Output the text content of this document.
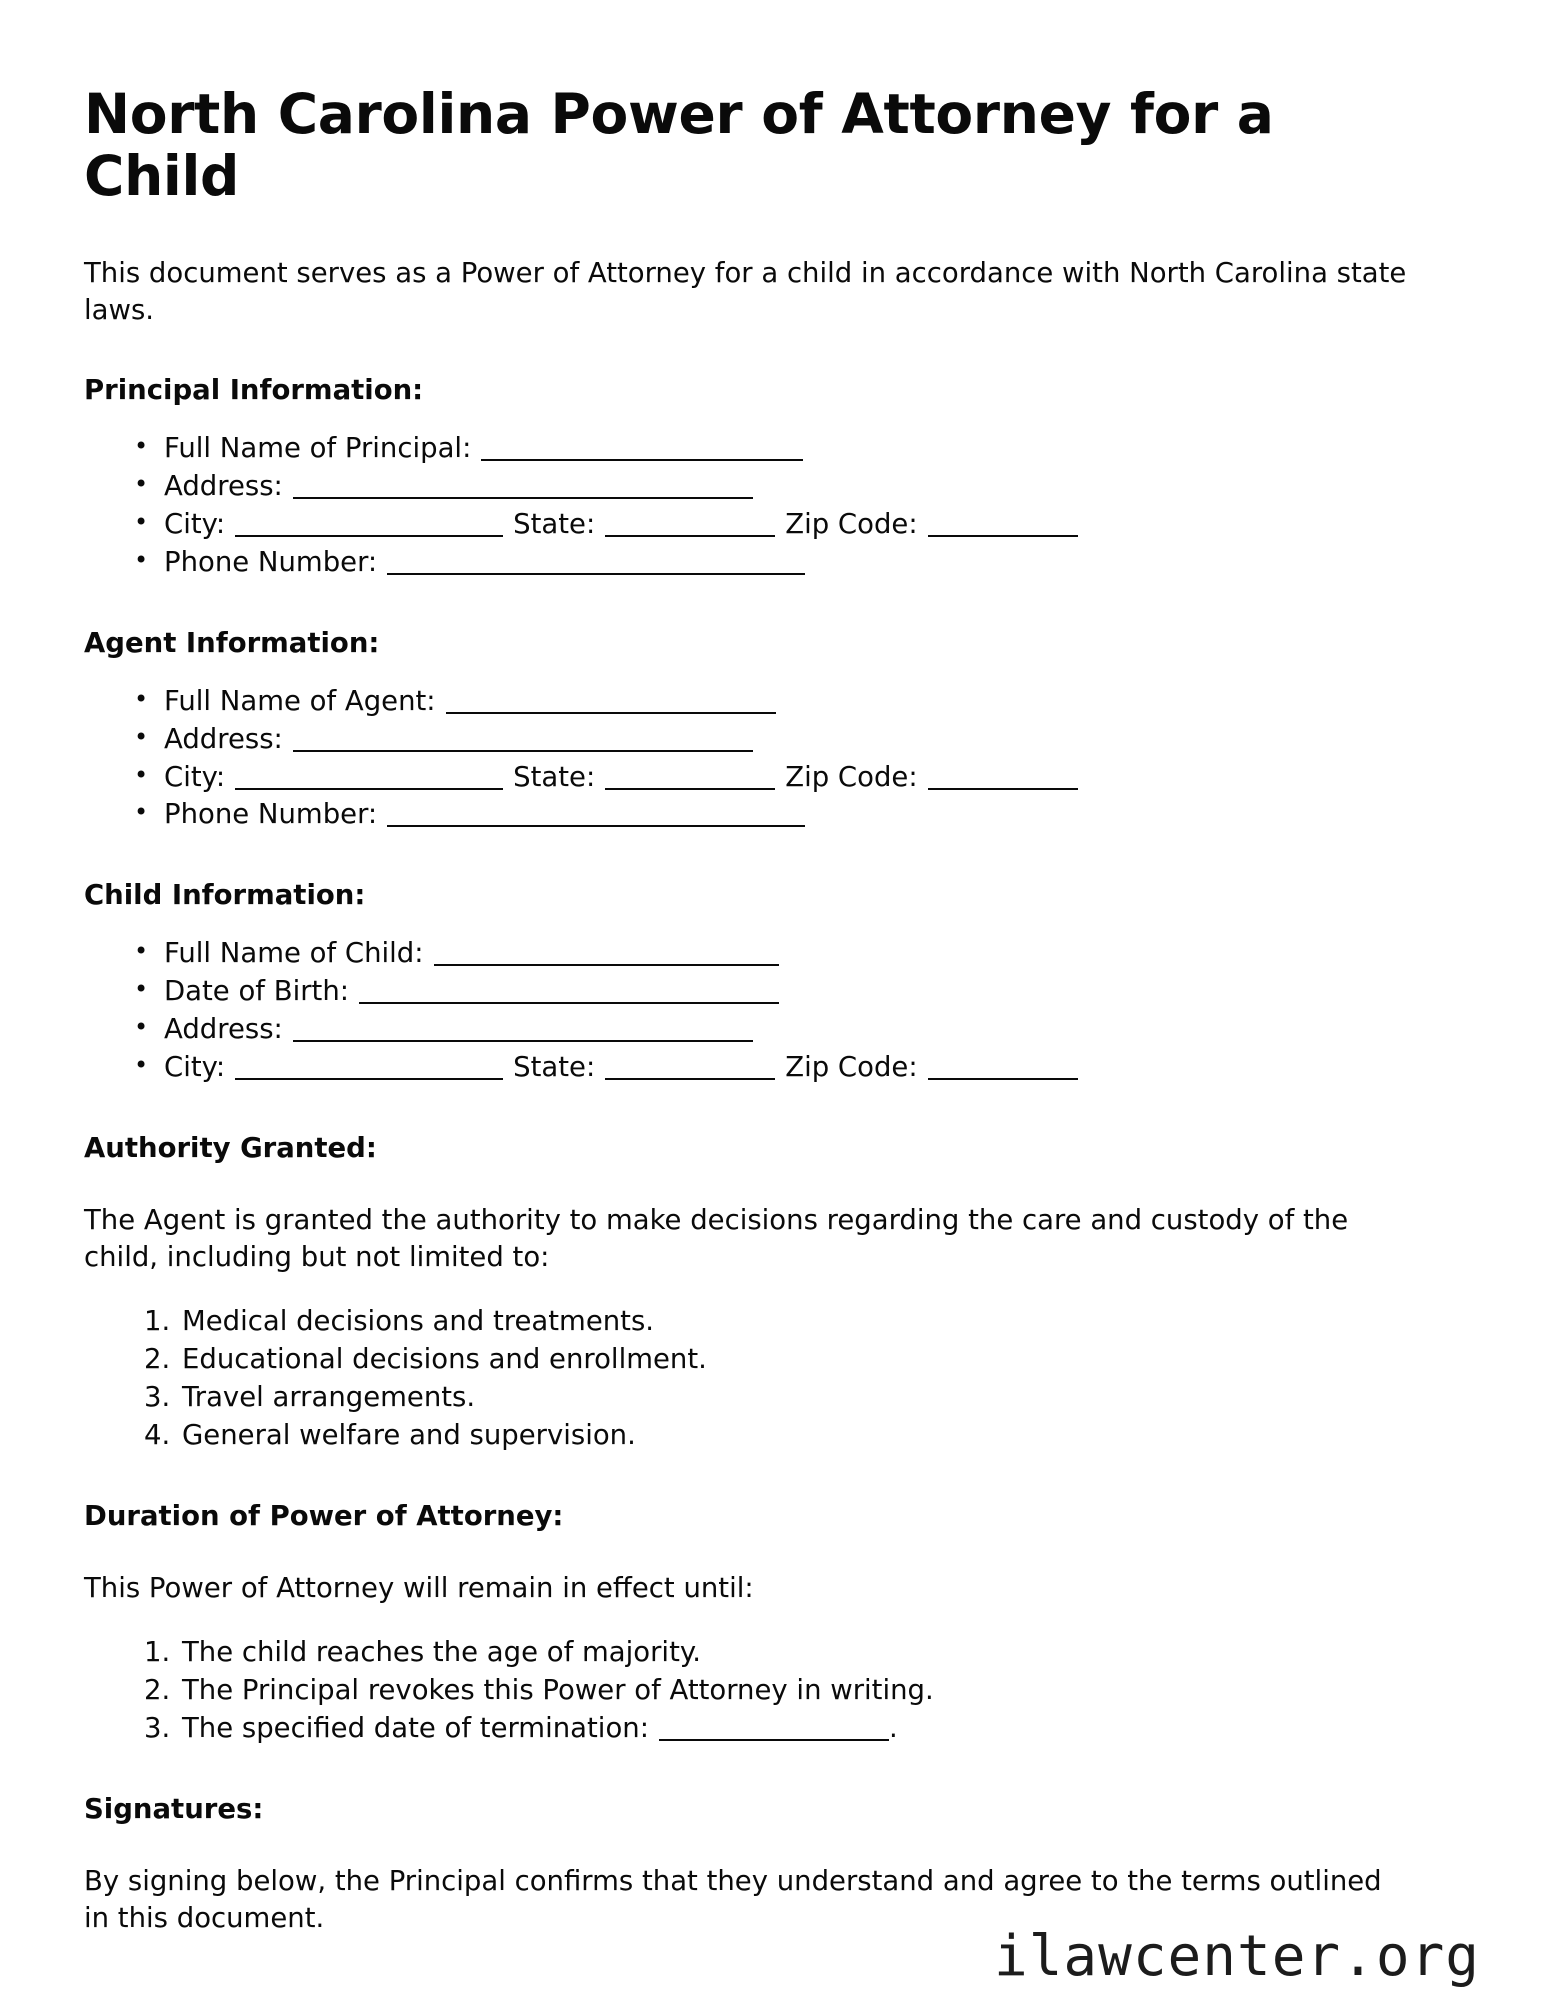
North Carolina Power of Attorney for a Child

This document serves as a Power of Attorney for a child in accordance with North Carolina state laws.

Principal Information:
• Full Name of Principal:
• Address:
• City:	State:	Zip Code:
• Phone Number:
Agent Information:
• Full Name of Agent:
• Address:
• City:	State:	Zip Code:
• Phone Number:
Child Information:
• Full Name of Child:
• Date of Birth:
• Address:
• City:	State:	Zip Code:
Authority Granted:

The Agent is granted the authority to make decisions regarding the care and custody of the child, including but not limited to:

Medical decisions and treatments.
Educational decisions and enrollment.
Travel arrangements.
General welfare and supervision.
Duration of Power of Attorney:

This Power of Attorney will remain in effect until:

The child reaches the age of majority.
The Principal revokes this Power of Attorney in writing.
The specified date of termination:	.
Signatures:

By signing below, the Principal confirms that they understand and agree to the terms outlined in this document.

ilawcenter.org
